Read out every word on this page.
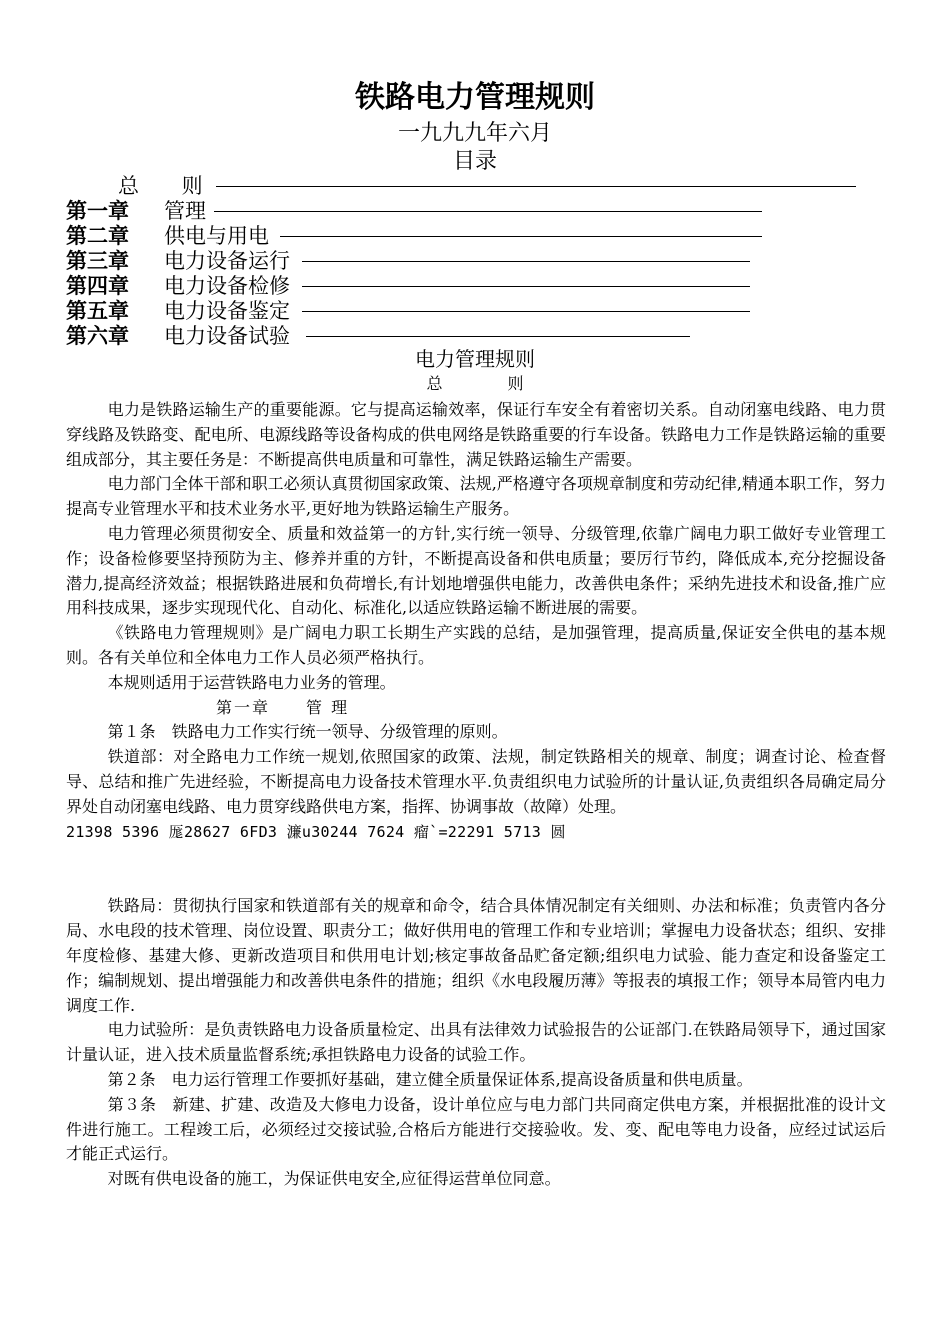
铁路电力管理规则
一九九九年六月
目录
总 则
第一章 管理
第二章 供电与用电
第三章 电力设备运行
第四章 电力设备检修
第五章 电力设备鉴定
第六章 电力设备试验
电力管理规则
总 则

电力是铁路运输生产的重要能源。它与提高运输效率，保证行车安全有着密切关系。自动闭塞电线路、电力贯穿线路及铁路变、配电所、电源线路等设备构成的供电网络是铁路重要的行车设备。铁路电力工作是铁路运输的重要组成部分，其主要任务是：不断提高供电质量和可靠性，满足铁路运输生产需要。

电力部门全体干部和职工必须认真贯彻国家政策、法规,严格遵守各项规章制度和劳动纪律,精通本职工作，努力提高专业管理水平和技术业务水平,更好地为铁路运输生产服务。

电力管理必须贯彻安全、质量和效益第一的方针,实行统一领导、分级管理,依靠广阔电力职工做好专业管理工作；设备检修要坚持预防为主、修养并重的方针，不断提高设备和供电质量；要厉行节约，降低成本,充分挖掘设备潜力,提高经济效益；根据铁路进展和负荷增长,有计划地增强供电能力，改善供电条件；采纳先进技术和设备,推广应用科技成果，逐步实现现代化、自动化、标准化,以适应铁路运输不断进展的需要。

《铁路电力管理规则》是广阔电力职工长期生产实践的总结，是加强管理，提高质量,保证安全供电的基本规则。各有关单位和全体电力工作人员必须严格执行。

本规则适用于运营铁路电力业务的管理。

第一章 管 理

第１条　铁路电力工作实行统一领导、分级管理的原则。

铁道部：对全路电力工作统一规划,依照国家的政策、法规，制定铁路相关的规章、制度；调查讨论、检查督导、总结和推广先进经验，不断提高电力设备技术管理水平.负责组织电力试验所的计量认证,负责组织各局确定局分界处自动闭塞电线路、电力贯穿线路供电方案，指挥、协调事故（故障）处理。

21398 5396 厖28627 6FD3 濂u30244 7624 瘤`=22291 5713 圆

铁路局：贯彻执行国家和铁道部有关的规章和命令，结合具体情况制定有关细则、办法和标准；负责管内各分局、水电段的技术管理、岗位设置、职责分工；做好供用电的管理工作和专业培训；掌握电力设备状态；组织、安排年度检修、基建大修、更新改造项目和供用电计划;核定事故备品贮备定额;组织电力试验、能力查定和设备鉴定工作；编制规划、提出增强能力和改善供电条件的措施；组织《水电段履历薄》等报表的填报工作；领导本局管内电力调度工作.

电力试验所：是负责铁路电力设备质量检定、出具有法律效力试验报告的公证部门.在铁路局领导下，通过国家计量认证，进入技术质量监督系统;承担铁路电力设备的试验工作。

第２条　电力运行管理工作要抓好基础，建立健全质量保证体系,提高设备质量和供电质量。

第３条　新建、扩建、改造及大修电力设备，设计单位应与电力部门共同商定供电方案，并根据批准的设计文件进行施工。工程竣工后，必须经过交接试验,合格后方能进行交接验收。发、变、配电等电力设备，应经过试运后才能正式运行。

对既有供电设备的施工，为保证供电安全,应征得运营单位同意。
